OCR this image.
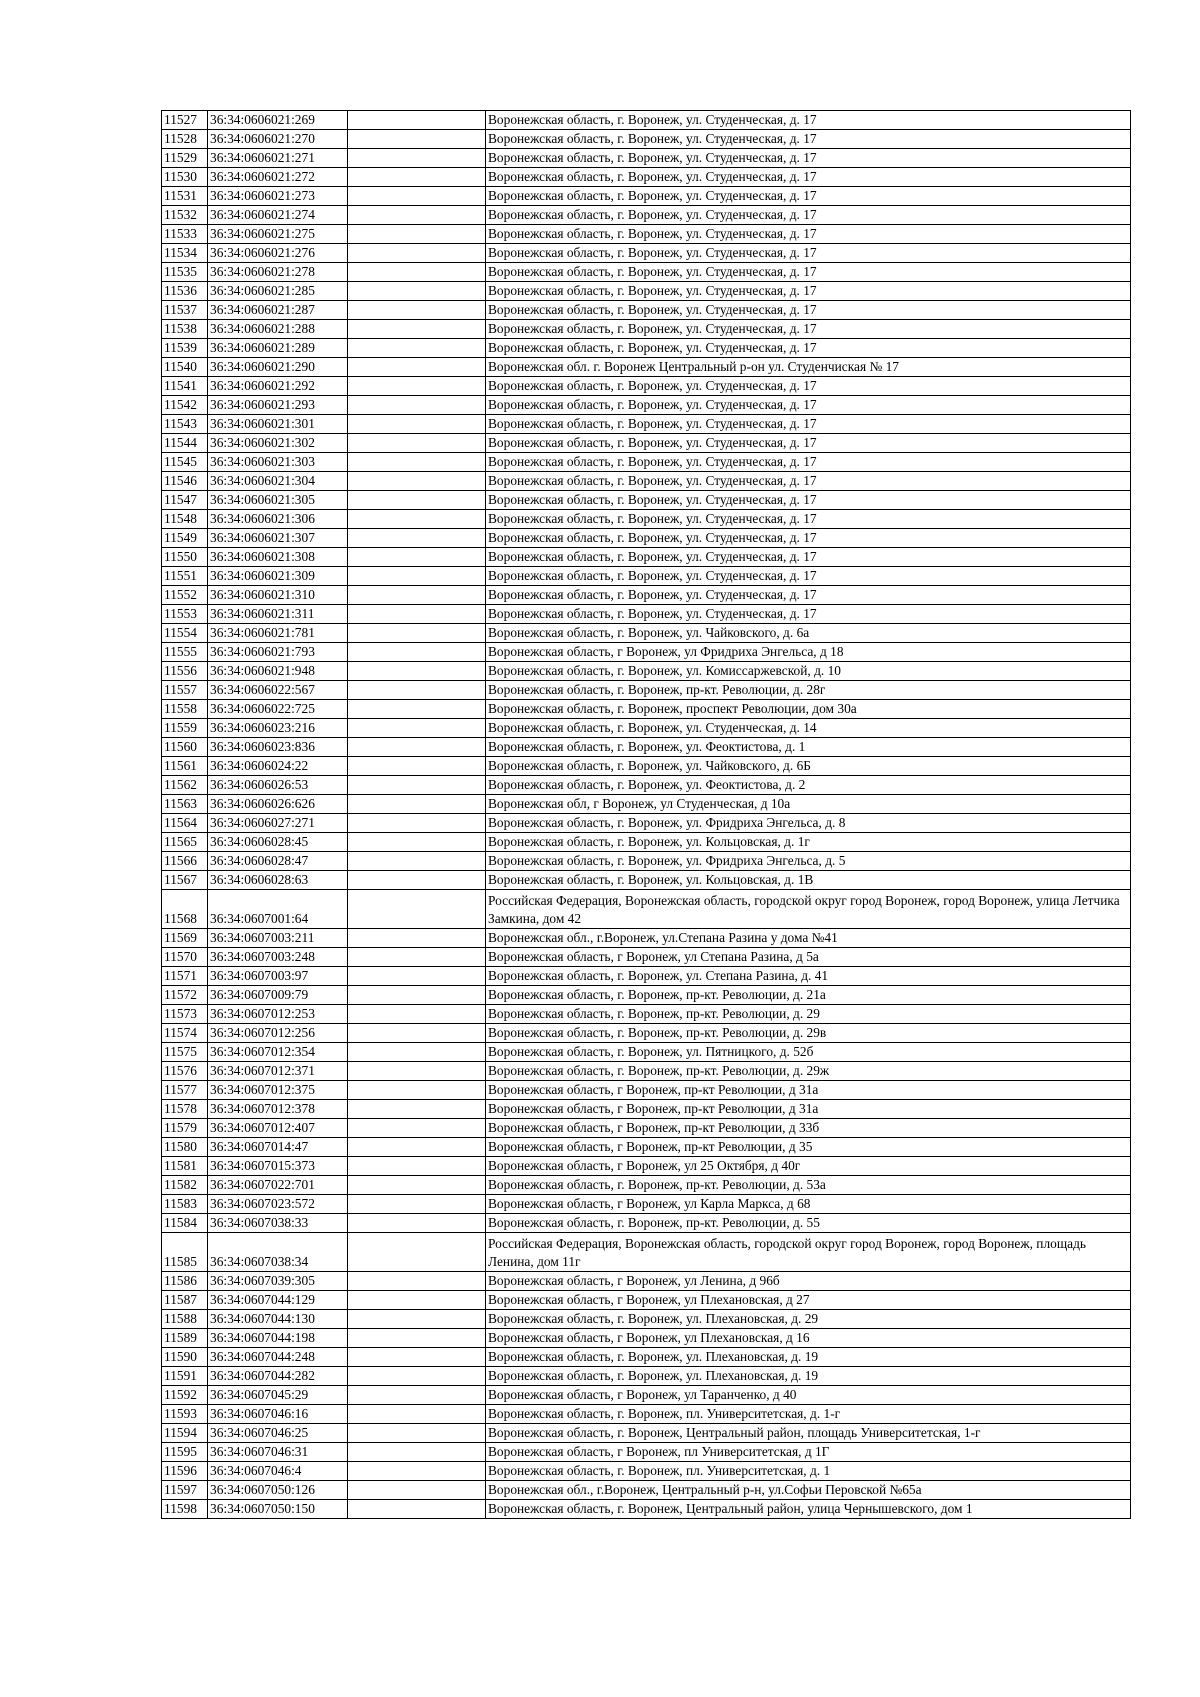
11527	36:34:0606021:269		Воронежская область, г. Воронеж, ул. Студенческая, д. 17
11528	36:34:0606021:270		Воронежская область, г. Воронеж, ул. Студенческая, д. 17
11529	36:34:0606021:271		Воронежская область, г. Воронеж, ул. Студенческая, д. 17
11530	36:34:0606021:272		Воронежская область, г. Воронеж, ул. Студенческая, д. 17
11531	36:34:0606021:273		Воронежская область, г. Воронеж, ул. Студенческая, д. 17
11532	36:34:0606021:274		Воронежская область, г. Воронеж, ул. Студенческая, д. 17
11533	36:34:0606021:275		Воронежская область, г. Воронеж, ул. Студенческая, д. 17
11534	36:34:0606021:276		Воронежская область, г. Воронеж, ул. Студенческая, д. 17
11535	36:34:0606021:278		Воронежская область, г. Воронеж, ул. Студенческая, д. 17
11536	36:34:0606021:285		Воронежская область, г. Воронеж, ул. Студенческая, д. 17
11537	36:34:0606021:287		Воронежская область, г. Воронеж, ул. Студенческая, д. 17
11538	36:34:0606021:288		Воронежская область, г. Воронеж, ул. Студенческая, д. 17
11539	36:34:0606021:289		Воронежская область, г. Воронеж, ул. Студенческая, д. 17
11540	36:34:0606021:290		Воронежская обл. г. Воронеж Центральный р-он ул. Студенчиская № 17
11541	36:34:0606021:292		Воронежская область, г. Воронеж, ул. Студенческая, д. 17
11542	36:34:0606021:293		Воронежская область, г. Воронеж, ул. Студенческая, д. 17
11543	36:34:0606021:301		Воронежская область, г. Воронеж, ул. Студенческая, д. 17
11544	36:34:0606021:302		Воронежская область, г. Воронеж, ул. Студенческая, д. 17
11545	36:34:0606021:303		Воронежская область, г. Воронеж, ул. Студенческая, д. 17
11546	36:34:0606021:304		Воронежская область, г. Воронеж, ул. Студенческая, д. 17
11547	36:34:0606021:305		Воронежская область, г. Воронеж, ул. Студенческая, д. 17
11548	36:34:0606021:306		Воронежская область, г. Воронеж, ул. Студенческая, д. 17
11549	36:34:0606021:307		Воронежская область, г. Воронеж, ул. Студенческая, д. 17
11550	36:34:0606021:308		Воронежская область, г. Воронеж, ул. Студенческая, д. 17
11551	36:34:0606021:309		Воронежская область, г. Воронеж, ул. Студенческая, д. 17
11552	36:34:0606021:310		Воронежская область, г. Воронеж, ул. Студенческая, д. 17
11553	36:34:0606021:311		Воронежская область, г. Воронеж, ул. Студенческая, д. 17
11554	36:34:0606021:781		Воронежская область, г. Воронеж, ул. Чайковского, д. 6а
11555	36:34:0606021:793		Воронежская область, г Воронеж, ул Фридриха Энгельса, д 18
11556	36:34:0606021:948		Воронежская область, г. Воронеж, ул. Комиссаржевской, д. 10
11557	36:34:0606022:567		Воронежская область, г. Воронеж, пр-кт. Революции, д. 28г
11558	36:34:0606022:725		Воронежская область, г. Воронеж, проспект Революции, дом 30а
11559	36:34:0606023:216		Воронежская область, г. Воронеж, ул. Студенческая, д. 14
11560	36:34:0606023:836		Воронежская область, г. Воронеж, ул. Феоктистова, д. 1
11561	36:34:0606024:22		Воронежская область, г. Воронеж, ул. Чайковского, д. 6Б
11562	36:34:0606026:53		Воронежская область, г. Воронеж, ул. Феоктистова, д. 2
11563	36:34:0606026:626		Воронежская обл, г Воронеж, ул Студенческая, д 10а
11564	36:34:0606027:271		Воронежская область, г. Воронеж, ул. Фридриха Энгельса, д. 8
11565	36:34:0606028:45		Воронежская область, г. Воронеж, ул. Кольцовская, д. 1г
11566	36:34:0606028:47		Воронежская область, г. Воронеж, ул. Фридриха Энгельса, д. 5
11567	36:34:0606028:63		Воронежская область, г. Воронеж, ул. Кольцовская, д. 1В
11568	36:34:0607001:64		Российская Федерация, Воронежская область, городской округ город Воронеж, город Воронеж, улица Летчика Замкина, дом 42
11569	36:34:0607003:211		Воронежская обл., г.Воронеж, ул.Степана Разина у дома №41
11570	36:34:0607003:248		Воронежская область, г Воронеж, ул Степана Разина, д 5а
11571	36:34:0607003:97		Воронежская область, г. Воронеж, ул. Степана Разина, д. 41
11572	36:34:0607009:79		Воронежская область, г. Воронеж, пр-кт. Революции, д. 21а
11573	36:34:0607012:253		Воронежская область, г. Воронеж, пр-кт. Революции, д. 29
11574	36:34:0607012:256		Воронежская область, г. Воронеж, пр-кт. Революции, д. 29в
11575	36:34:0607012:354		Воронежская область, г. Воронеж, ул. Пятницкого, д. 52б
11576	36:34:0607012:371		Воронежская область, г. Воронеж, пр-кт. Революции, д. 29ж
11577	36:34:0607012:375		Воронежская область, г Воронеж, пр-кт Революции, д 31а
11578	36:34:0607012:378		Воронежская область, г Воронеж, пр-кт Революции, д 31а
11579	36:34:0607012:407		Воронежская область, г Воронеж, пр-кт Революции, д 33б
11580	36:34:0607014:47		Воронежская область, г Воронеж, пр-кт Революции, д 35
11581	36:34:0607015:373		Воронежская область, г Воронеж, ул 25 Октября, д 40г
11582	36:34:0607022:701		Воронежская область, г. Воронеж, пр-кт. Революции, д. 53а
11583	36:34:0607023:572		Воронежская область, г Воронеж, ул Карла Маркса, д 68
11584	36:34:0607038:33		Воронежская область, г. Воронеж, пр-кт. Революции, д. 55
11585	36:34:0607038:34		Российская Федерация, Воронежская область, городской округ город Воронеж, город Воронеж, площадь Ленина, дом 11г
11586	36:34:0607039:305		Воронежская область, г Воронеж, ул Ленина, д 96б
11587	36:34:0607044:129		Воронежская область, г Воронеж, ул Плехановская, д 27
11588	36:34:0607044:130		Воронежская область, г. Воронеж, ул. Плехановская, д. 29
11589	36:34:0607044:198		Воронежская область, г Воронеж, ул Плехановская, д 16
11590	36:34:0607044:248		Воронежская область, г. Воронеж, ул. Плехановская, д. 19
11591	36:34:0607044:282		Воронежская область, г. Воронеж, ул. Плехановская, д. 19
11592	36:34:0607045:29		Воронежская область, г Воронеж, ул Таранченко, д 40
11593	36:34:0607046:16		Воронежская область, г. Воронеж, пл. Университетская, д. 1-г
11594	36:34:0607046:25		Воронежская область, г. Воронеж, Центральный район, площадь Университетская, 1-г
11595	36:34:0607046:31		Воронежская область, г Воронеж, пл Университетская, д 1Г
11596	36:34:0607046:4		Воронежская область, г. Воронеж, пл. Университетская, д. 1
11597	36:34:0607050:126		Воронежская обл., г.Воронеж, Центральный р-н, ул.Софьи Перовской №65а
11598	36:34:0607050:150		Воронежская область, г. Воронеж, Центральный район, улица Чернышевского, дом 1
